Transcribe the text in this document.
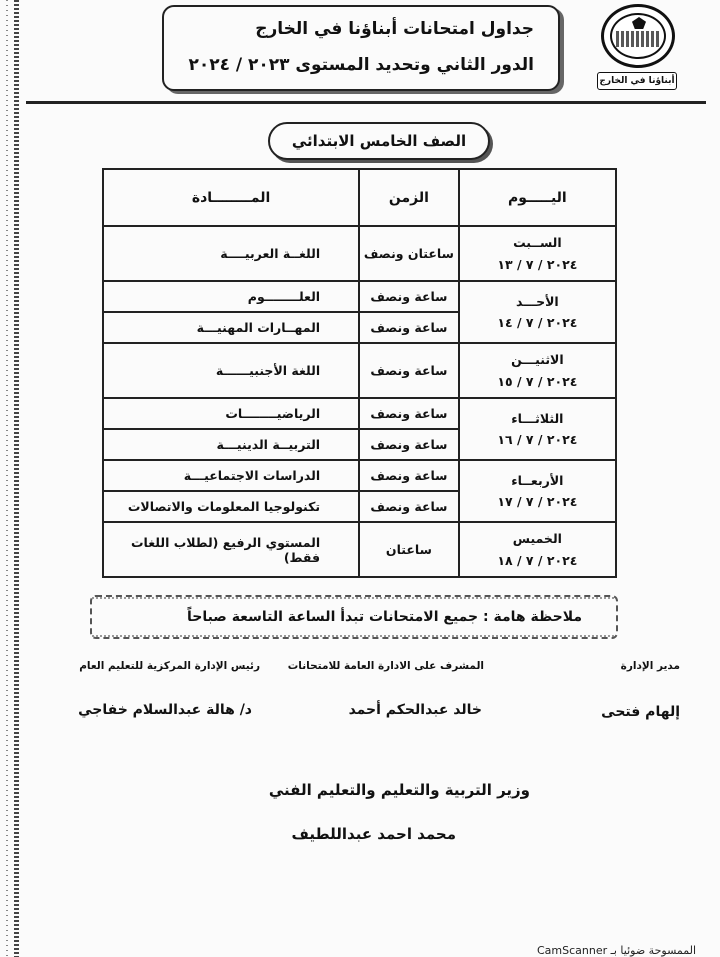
أبناؤنا في الخارج
جداول امتحانات أبناؤنا في الخارج
الدور الثاني وتحديد المستوى ٢٠٢٣ / ٢٠٢٤
الصف الخامس الابتدائي
اليـــــوم	الزمن	المــــــــادة

الســبت
٢٠٢٤ / ٧ / ١٣	ساعتان ونصف	اللغــة العربيــــة

الأحـــد
٢٠٢٤ / ٧ / ١٤	ساعة ونصف	العلــــــــوم
	ساعة ونصف	المهــارات المهنيـــة

الاثنيـــن
٢٠٢٤ / ٧ / ١٥	ساعة ونصف	اللغة الأجنبيــــــة

الثلاثـــاء
٢٠٢٤ / ٧ / ١٦	ساعة ونصف	الرياضيــــــــات
	ساعة ونصف	التربيــة الدينيـــة

الأربعــاء
٢٠٢٤ / ٧ / ١٧	ساعة ونصف	الدراسات الاجتماعيـــة
	ساعة ونصف	تكنولوجيا المعلومات والاتصالات

الخميس
٢٠٢٤ / ٧ / ١٨	ساعتان	المستوي الرفيع (لطلاب اللغات فقط)
ملاحظة هامة : جميع الامتحانات تبدأ الساعة التاسعة صباحاً
مدير الإدارة
إلهام فتحى
المشرف على الادارة العامة للامتحانات
خالد عبدالحكم أحمد
رئيس الإدارة المركزية للتعليم العام
د/ هالة عبدالسلام خفاجي
وزير التربية والتعليم والتعليم الفني
محمد احمد عبداللطيف
الممسوحة ضوئيا بـ CamScanner
